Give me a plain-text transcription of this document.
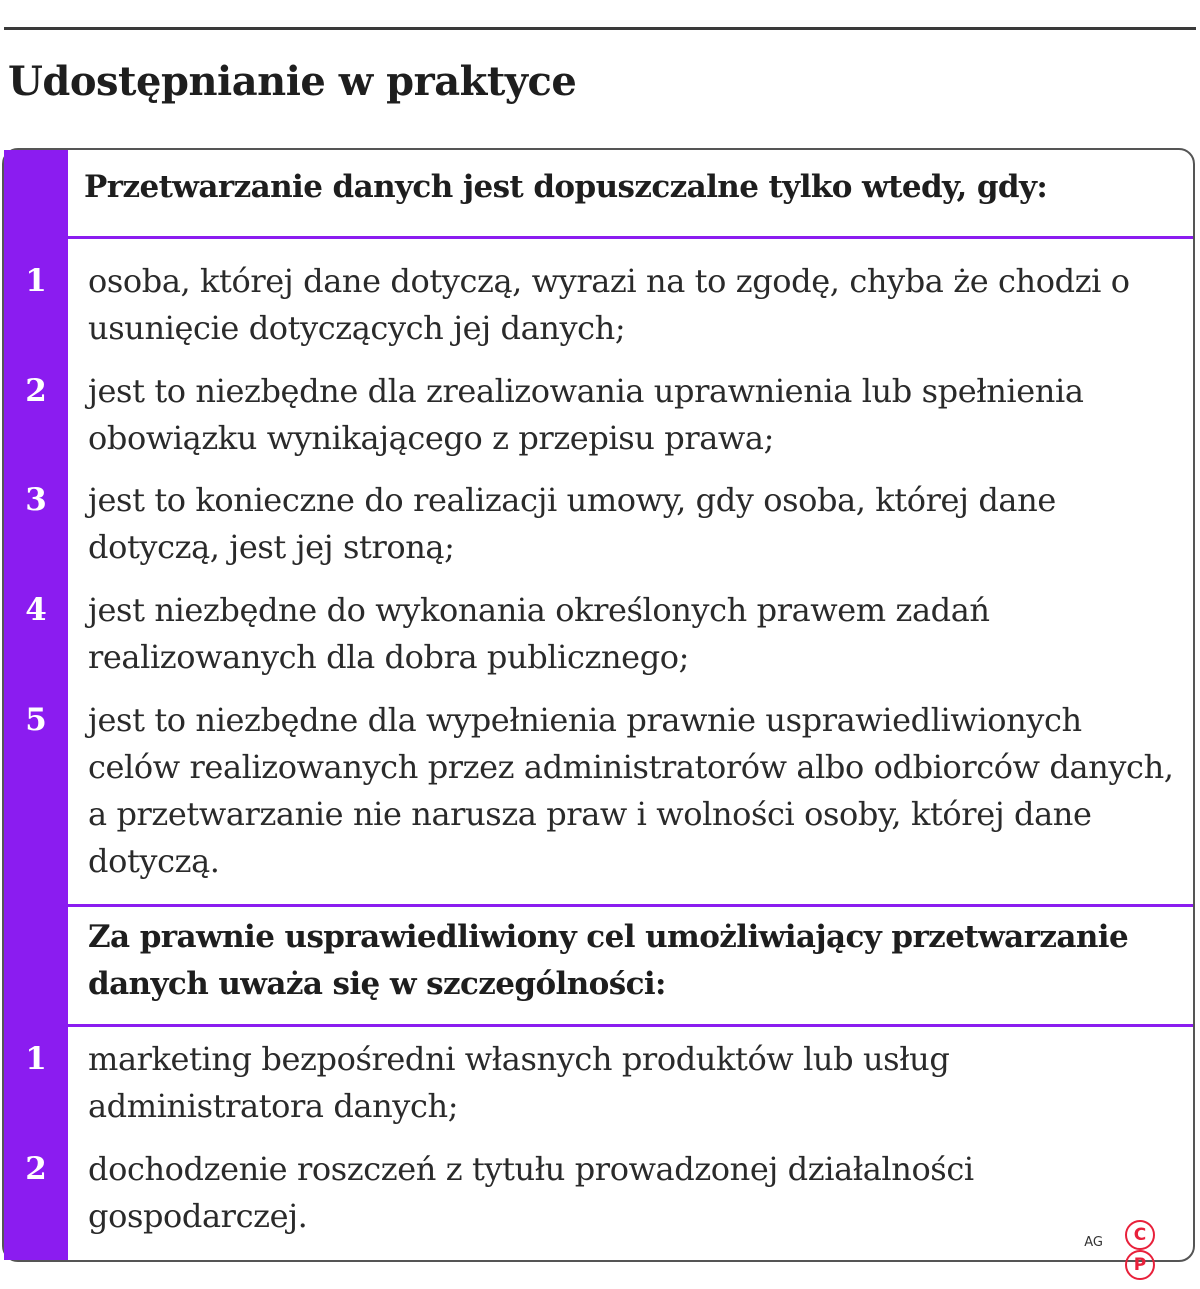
Udostępnianie w praktyce

Przetwarzanie danych jest dopuszczalne tylko wtedy, gdy:

1	osoba, której dane dotyczą, wyrazi na to zgodę, chyba że chodzi o usunięcie dotyczących jej danych;

2	jest to niezbędne dla zrealizowania uprawnienia lub spełnienia obowiązku wynikającego z przepisu prawa;

3	jest to konieczne do realizacji umowy, gdy osoba, której dane dotyczą, jest jej stroną;

4	jest niezbędne do wykonania określonych prawem zadań realizowanych dla dobra publicznego;

5	jest to niezbędne dla wypełnienia prawnie usprawiedliwionych celów realizowanych przez administratorów albo odbiorców danych, a przetwarzanie nie narusza praw i wolności osoby, której dane dotyczą.

Za prawnie usprawiedliwiony cel umożliwiający przetwarzanie danych uważa się w szczególności:

1	marketing bezpośredni własnych produktów lub usług administratora danych;

2	dochodzenie roszczeń z tytułu prowadzonej działalności gospodarczej.

AG	CP
